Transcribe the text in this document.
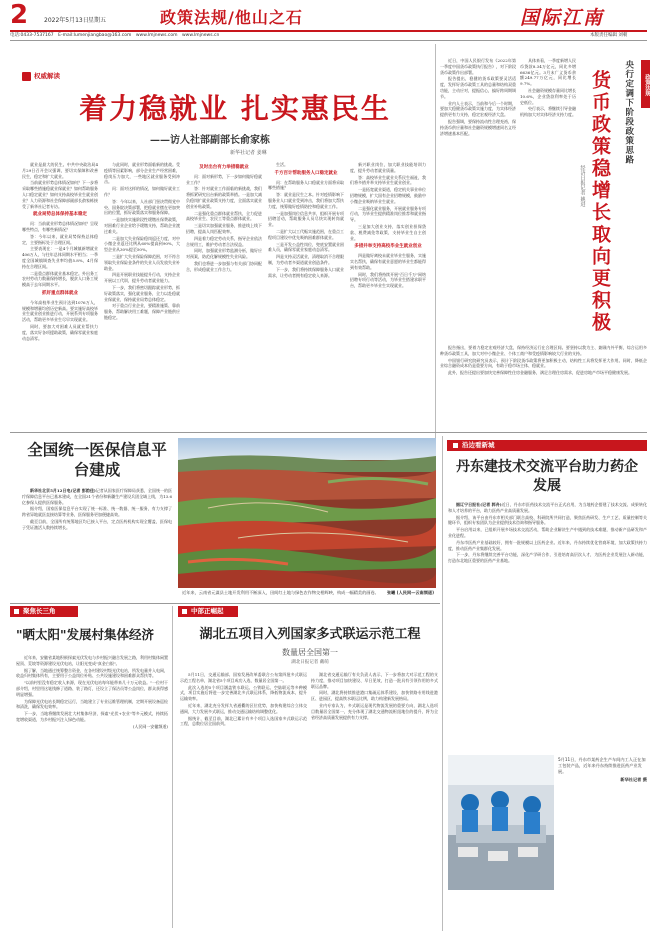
2	2022年5月13日 星期五	政策法规/他山之石	国际江南
电话:0433-7537167　E-mail:lumenjiangbao@163.com　www.lmjnews.com　www.lmjnews.cn	本版责任编辑 刘朝
权威解读
着力稳就业 扎实惠民生
——访人社部副部长俞家栋
新华社记者 姜琳

就业是最大的民生。中共中央政治局4月29日召开会议强调，要切实保障和改善民生，稳定和扩大就业。

当前就业形势总体情况如何？下一步将采取哪些措施稳就业保就业？如何帮助服务人口稳定就业？如何支持高校毕业生就业创业？人力资源和社会保障部副部长俞家栋接受了新华社记者专访。

就业局势总体保持基本稳定

问：当前就业形势总体情况如何？呈现哪些特点，有哪些新情况？

答：今年以来，就业局势保持总体稳定，主要指标处于合理区间。

主要表现在：一是4个月城镇新增就业406万人，与往年总体同期水平相当；一季度全国城镇调查失业率均值5.8%，4月保持在合理区间。

二是重点群体就业基本稳定。外出务工农村劳动力数量保持增长，脱贫人口务工规模高于去年同期水平。

抓好重点群体就业

今年高校毕业生预计达到1076万人，规模和增量均创历史新高。要实施好高校毕业生就业创业推进行动，开展系列专项服务活动，帮助更多毕业生尽早实现就业。

同时，要加大对困难人员就业帮扶力度，落实好各项援助政策，确保零就业家庭动态清零。

与此同时，就业形势面临新的挑战。受疫情等因素影响，部分企业生产经营困难，稳岗压力加大，一些地区就业服务受到冲击。

问：面对这样的情况，如何做好就业工作？

答：今年以来，人社部门坚决贯彻党中央、国务院决策部署，把稳就业摆在更加突出的位置，抓好政策落实和服务保障。

一是加快实施阶段性缓缴社保费政策，对困难行业企业给予缓缴支持，帮助企业渡过难关。

二是加大失业保险稳岗返还力度，对中小微企业返还比例从60%提高到90%，大型企业从30%提至50%。

三是扩大失业保险保障范围，对不符合领取失业保险金条件的失业人员发放失业补助金。

四是开展职业技能提升行动，支持企业开展以工代训，提升劳动者就业能力。

下一步，我们将密切跟踪就业形势，抓好政策落实，强化就业服务，全力以赴稳就业保就业，保持就业局势总体稳定。

对于重点行业企业，要精准施策、靠前服务，帮助解决用工难题，保障产业链供应链稳定。

及时出台有力举措稳就业

问：面对新形势，下一步如何做好稳就业工作？

答：针对就业工作面临的新挑战，我们将抓紧研究出台新的政策举措。一是加大减负稳岗扩就业政策支持力度，全面落实就业创业补贴政策。

二是强化重点群体就业帮扶，全力促进高校毕业生、农民工等重点群体就业。

三是切实加强就业服务，推进线上线下招聘，提高人岗匹配效率。

四是着力稳定劳动关系，指导企业依法合规用工，维护劳动者合法权益。

同时，加强就业形势监测分析，做好应对预案，防范化解规模性失业风险。

我们也将进一步加强与有关部门协同配合，形成稳就业工作合力。

生活。

千方百计帮助服务人口稳定就业

问：在帮助服务人口稳就业方面将采取哪些措施？

答：就业是民生之本。针对疫情影响下服务业人口就业受到冲击，我们将加大帮扶力度，统筹做好疫情防控和稳就业工作。

一是加强岗位信息共享，组织开展专项招聘活动，帮助服务人员尽快实现转岗就业。

二是扩大以工代赈实施范围，在重点工程项目建设中优先吸纳困难群体就业。

三是开发公益性岗位，兜底安置就业困难人员，确保零就业家庭动态清零。

四是支持灵活就业，清理取消不合理限制，为劳动者多渠道就业创造条件。

下一步，我们将持续保障服务人口就业需求，让劳动者拥有稳定收入来源。

新兴职业岗位，加大职业技能培训力度，提升劳动者就业质量。

答：高校毕业生就业关系民生福祉，我们将多措并举支持毕业生就业创业。

一是拓宽就业渠道，稳定机关事业单位招聘规模，扩大国有企业招聘规模，鼓励中小微企业吸纳毕业生就业。

二是强化就业服务，开展就业服务专项行动，为毕业生提供精准岗位推荐和就业指导。

三是加大创业支持，落实创业担保贷款、税费减免等政策，支持毕业生自主创业。

多措并举支持高校毕业生就业创业

四是做好离校未就业毕业生服务，实施实名帮扶，确保有就业意愿的毕业生都能得到有效帮助。

同时，我们将持续开展"百日千万"网络招聘专项行动等活动，为毕业生搭建求职平台，帮助更多毕业生实现就业。

政策法规
央行定调下阶段政策思路
货币政策稳增长取向更积极
经济日报记者 姚进

近日，中国人民银行发布《2022年第一季度中国货币政策执行报告》，对下阶段货币政策作出部署。

报告提出，稳健的货币政策要灵活适度，发挥好货币政策工具的总量和结构双重功能，主动应对，提振信心，搞好跨周期调节。

业内人士表示，当前和今后一个时期，要加大稳健货币政策实施力度，为实体经济提供更有力支持，稳定宏观经济大盘。

报告强调，要保持流动性合理充裕，保持货币供应量和社会融资规模增速同名义经济增速基本匹配。

具体来看，一季度新增人民币贷款8.34万亿元，同比多增6636亿元。3月末广义货币余额249.77万亿元，同比增长9.7%。

社会融资规模存量同比增长10.6%，企业贷款利率处于历史低位。

央行表示，将继续引导金融机构加大对实体经济支持力度。

报告指出，要着力稳定宏观经济大盘，保持经济运行在合理区间。要坚持以我为主、兼顾内外平衡，综合运用多种货币政策工具，加大对中小微企业、个体工商户和受疫情影响较大行业的支持。

中国银行研究院研究员表示，预计下阶段货币政策将更加积极主动，结构性工具将发挥更大作用。同时，降低企业综合融资成本仍是重要方向，有助于稳市场主体、稳就业。

此外，报告还提出要加快完善保障性住房金融服务，满足合理住房需求，促进房地产市场平稳健康发展。

全国统一医保信息平台建成

新华社北京5月12日电(记者 彭韵佳)记者从国家医疗保障局获悉，全国统一的医疗保障信息平台已基本建成，在全国31个省份和新疆生产建设兵团全域上线，为13.6亿参保人提供医保服务。

据介绍，国家医保信息平台实现了统一标准、统一数据、统一服务，有力支撑了跨省异地就医直接结算等业务，医保服务更加便捷高效。

截至目前，全国所有统筹地区均已接入平台，定点医药机构实现全覆盖，医保电子凭证激活人数持续增长。

近年来，云南省元谋县土地开发利用不断深入，田间红土地与绿色农作物交相辉映，构成一幅精美的画卷。 张曦 (人民网—云南频道)
沿边看新城
丹东建技术交流平台助力药企发展

据辽宁日报社(记者 郭舟)近日，丹东市医药技术交流平台正式启用，为当地药企搭建了技术交流、成果转化和人才培养的平台，助力医药产业高质量发展。

据介绍，该平台由丹东市相关部门联合高校、科研院所共同打造，聚焦医药研发、生产工艺、质量控制等关键环节，组织专家团队为企业提供技术咨询和指导服务。

平台启用以来，已组织开展多场技术交流活动，帮助企业解决生产中遇到的技术难题，推动新产品研发和产业化进程。

丹东市医药产业基础较好，拥有一批规模以上医药企业。近年来，丹东持续优化营商环境，加大政策扶持力度，推动医药产业集群化发展。

下一步，丹东将继续完善平台功能，深化产学研合作，引进培育高层次人才，为医药企业发展注入新动能，打造东北地区重要的医药产业基地。

5月11日，丹东市某药企生产车间内工人正在加工包装产品，近年来丹东持续推进医药产业发展。
新华社记者 摄
聚焦长三角
"晒太阳"发展村集体经济

近年来，安徽省某地积极探索光伏发电与乡村振兴融合发展之路，利用村集体闲置屋顶、荒坡等资源建设光伏电站，让阳光变成"真金白银"。

据了解，当地通过统筹整合资金，在各村建设村级光伏电站，所发电量并入电网，收益归村集体所有，主要用于公益岗位补贴、公共设施建设和困难群众帮扶等。

"以前村里没有稳定收入来源，现在光伏电站每年能带来几十万元收益。"一位村干部介绍，村里用这笔钱修了道路、装了路灯，还设立了保洁员等公益岗位，群众获得感明显增强。

为保障光伏电站长期稳定运行，当地建立了专业运维管理机制，定期开展设备巡检和清洗，确保发电效率。

下一步，当地将继续发展壮大村集体经济，探索"光伏+农业"等多元模式，持续拓宽增收渠道，为乡村振兴注入绿色动能。

(人民网一安徽频道)

中部正崛起
湖北五项目入列国家多式联运示范工程
数量居全国第一
湖北日报记者 戴萌

5月11日，交通运输部、国家发展改革委联合公布第四批多式联运示范工程名单，湖北省5个项目成功入选，数量居全国第一。

此次入选的5个项目涵盖铁水联运、公铁联运、空陆联运等多种模式，项目实施后将进一步完善湖北多式联运体系，降低物流成本，提升运输效率。

近年来，湖北充分发挥九省通衢的区位优势，加快构建综合立体交通网，大力发展多式联运，推动交通运输结构调整优化。

据统计，截至目前，湖北已累计有多个项目入选国家多式联运示范工程，总数位居全国前列。

湖北省交通运输厅有关负责人表示，下一步将加大对示范工程的支持力度，推动项目加快建设、早日见效，打造一批具有引领作用的多式联运品牌。

同时，湖北将持续推进港口集疏运体系建设，加快铁路专用线进港区、进园区，提高铁水联运比例，助力构建新发展格局。

业内专家认为，多式联运是现代物流发展的重要方向，湖北入选项目数量居全国第一，充分体现了湖北交通物流枢纽地位的提升，将为全省经济高质量发展提供有力支撑。
